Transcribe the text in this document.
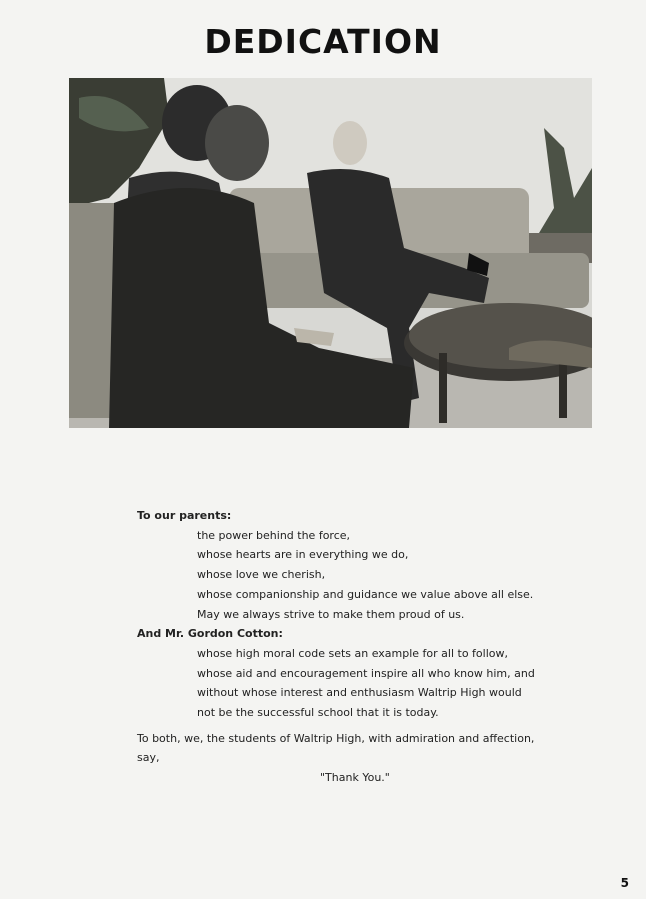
DEDICATION

To our parents:

the power behind the force,

whose hearts are in everything we do,

whose love we cherish,

whose companionship and guidance we value above all else.

May we always strive to make them proud of us.

And Mr. Gordon Cotton:

whose high moral code sets an example for all to follow,

whose aid and encouragement inspire all who know him, and

without whose interest and enthusiasm Waltrip High would

not be the successful school that it is today.

To both, we, the students of Waltrip High, with admiration and affection, say,

"Thank You."

5
